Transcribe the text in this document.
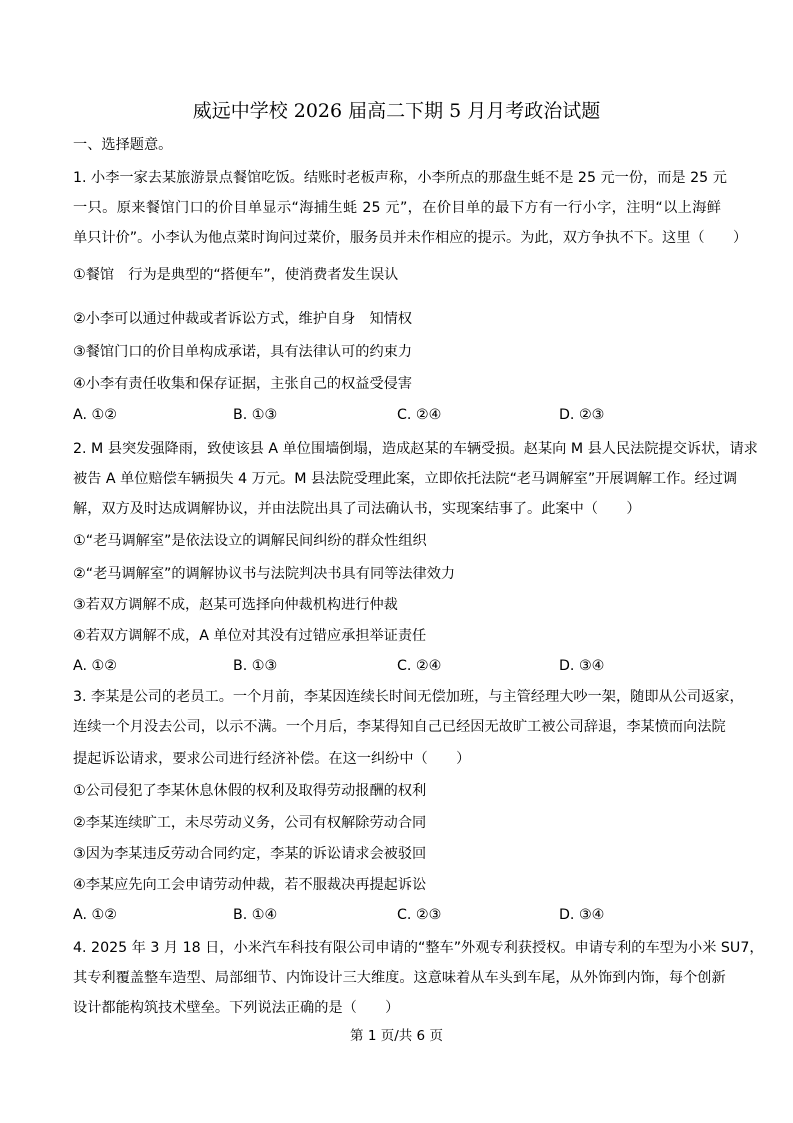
威远中学校 2026 届高二下期 5 月月考政治试题
一、选择题意。
1. 小李一家去某旅游景点餐馆吃饭。结账时老板声称，小李所点的那盘生蚝不是 25 元一份，而是 25 元
一只。原来餐馆门口的价目单显示“海捕生蚝 25 元”，在价目单的最下方有一行小字，注明“以上海鲜
单只计价”。小李认为他点菜时询问过菜价，服务员并未作相应的提示。为此，双方争执不下。这里（　　）
①餐馆　行为是典型的“搭便车”，使消费者发生误认
②小李可以通过仲裁或者诉讼方式，维护自身　知情权
③餐馆门口的价目单构成承诺，具有法律认可的约束力
④小李有责任收集和保存证据，主张自己的权益受侵害
A. ①②	B. ①③	C. ②④	D. ②③
2. M 县突发强降雨，致使该县 A 单位围墙倒塌，造成赵某的车辆受损。赵某向 M 县人民法院提交诉状，请求
被告 A 单位赔偿车辆损失 4 万元。M 县法院受理此案，立即依托法院“老马调解室”开展调解工作。经过调
解，双方及时达成调解协议，并由法院出具了司法确认书，实现案结事了。此案中（　　）
①“老马调解室”是依法设立的调解民间纠纷的群众性组织
②“老马调解室”的调解协议书与法院判决书具有同等法律效力
③若双方调解不成，赵某可选择向仲裁机构进行仲裁
④若双方调解不成，A 单位对其没有过错应承担举证责任
A. ①②	B. ①③	C. ②④	D. ③④
3. 李某是公司的老员工。一个月前，李某因连续长时间无偿加班，与主管经理大吵一架，随即从公司返家，
连续一个月没去公司，以示不满。一个月后，李某得知自己已经因无故旷工被公司辞退，李某愤而向法院
提起诉讼请求，要求公司进行经济补偿。在这一纠纷中（　　）
①公司侵犯了李某休息休假的权利及取得劳动报酬的权利
②李某连续旷工，未尽劳动义务，公司有权解除劳动合同
③因为李某违反劳动合同约定，李某的诉讼请求会被驳回
④李某应先向工会申请劳动仲裁，若不服裁决再提起诉讼
A. ①②	B. ①④	C. ②③	D. ③④
4. 2025 年 3 月 18 日，小米汽车科技有限公司申请的“整车”外观专利获授权。申请专利的车型为小米 SU7，
其专利覆盖整车造型、局部细节、内饰设计三大维度。这意味着从车头到车尾，从外饰到内饰，每个创新
设计都能构筑技术壁垒。下列说法正确的是（　　）
第 1 页/共 6 页
